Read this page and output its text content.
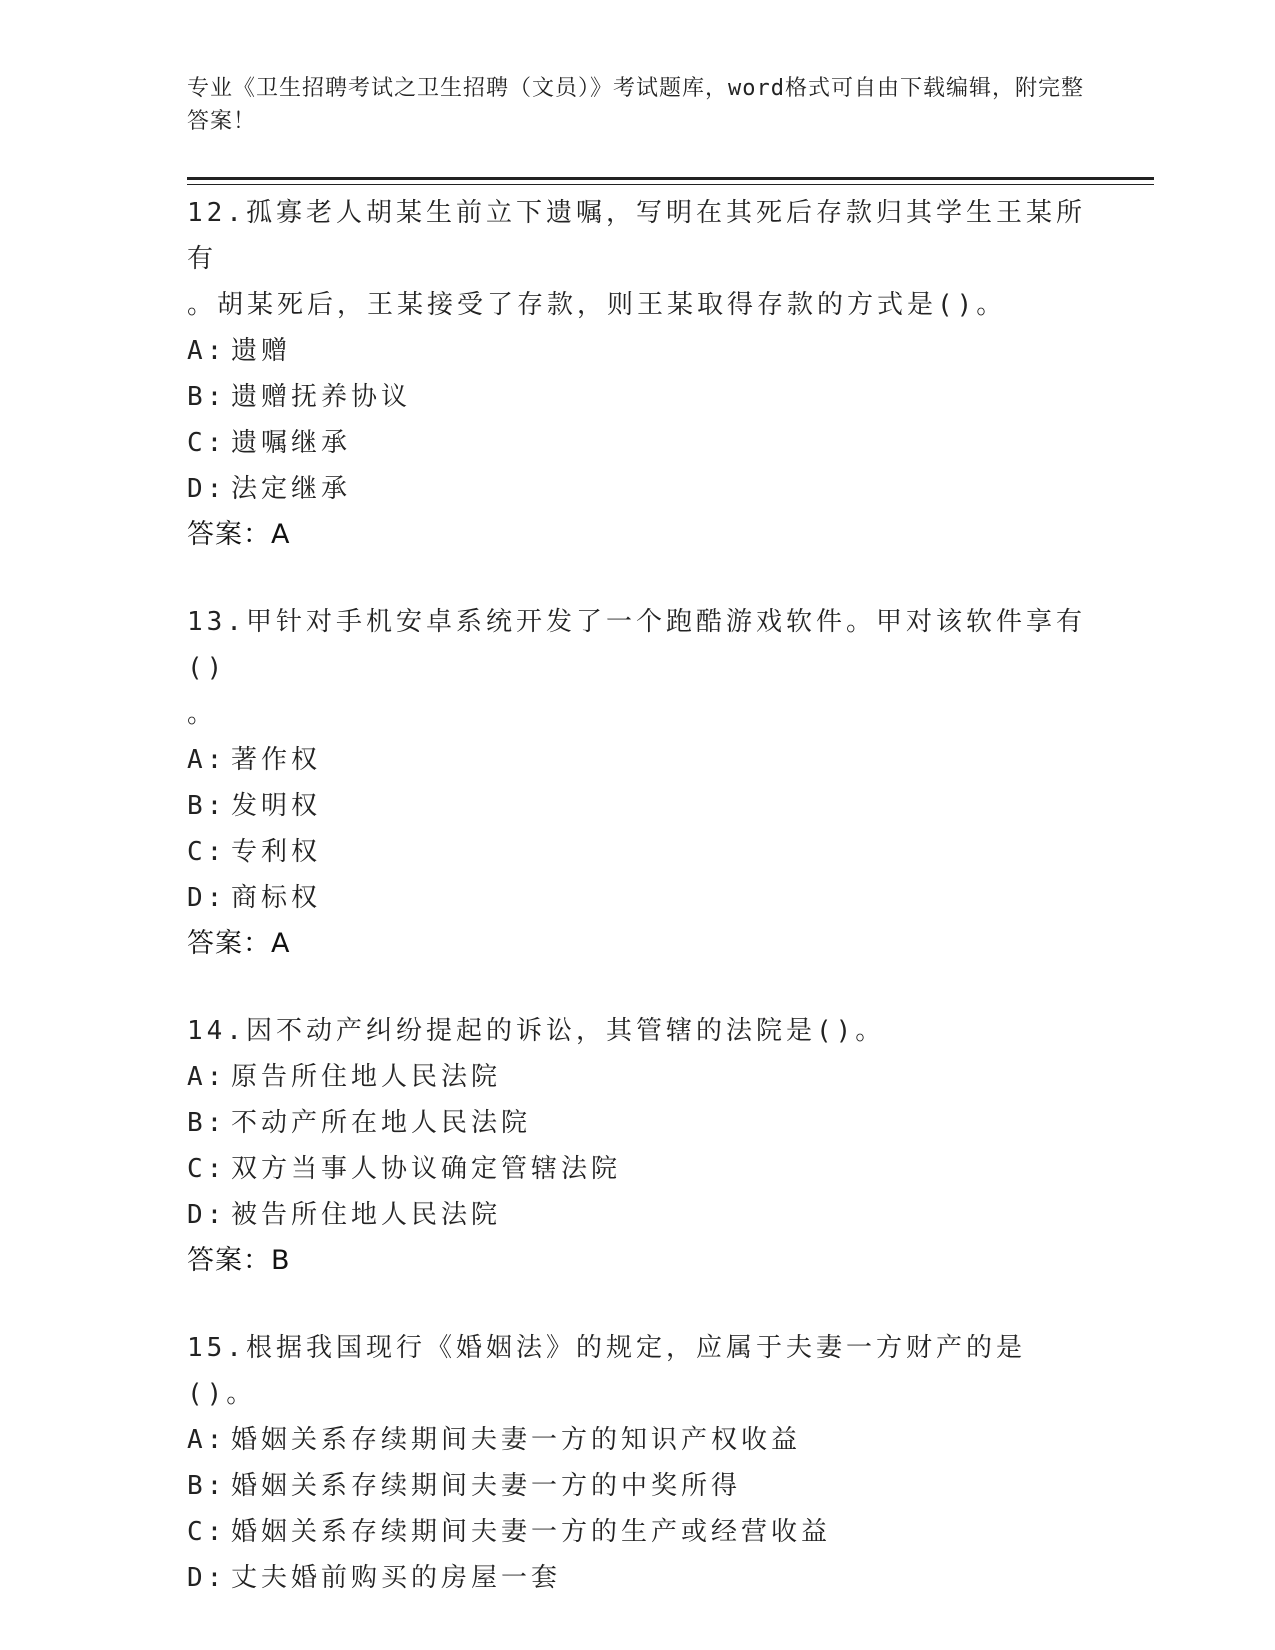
专业《卫生招聘考试之卫生招聘（文员）》考试题库，word格式可自由下载编辑，附完整答案！
12.孤寡老人胡某生前立下遗嘱，写明在其死后存款归其学生王某所有
。胡某死后，王某接受了存款，则王某取得存款的方式是()。
A: 遗赠
B: 遗赠抚养协议
C: 遗嘱继承
D: 法定继承
答案：A
13.甲针对手机安卓系统开发了一个跑酷游戏软件。甲对该软件享有()
。
A: 著作权
B: 发明权
C: 专利权
D: 商标权
答案：A
14.因不动产纠纷提起的诉讼，其管辖的法院是()。
A: 原告所住地人民法院
B: 不动产所在地人民法院
C: 双方当事人协议确定管辖法院
D: 被告所住地人民法院
答案：B
15.根据我国现行《婚姻法》的规定，应属于夫妻一方财产的是()。
A: 婚姻关系存续期间夫妻一方的知识产权收益
B: 婚姻关系存续期间夫妻一方的中奖所得
C: 婚姻关系存续期间夫妻一方的生产或经营收益
D: 丈夫婚前购买的房屋一套
